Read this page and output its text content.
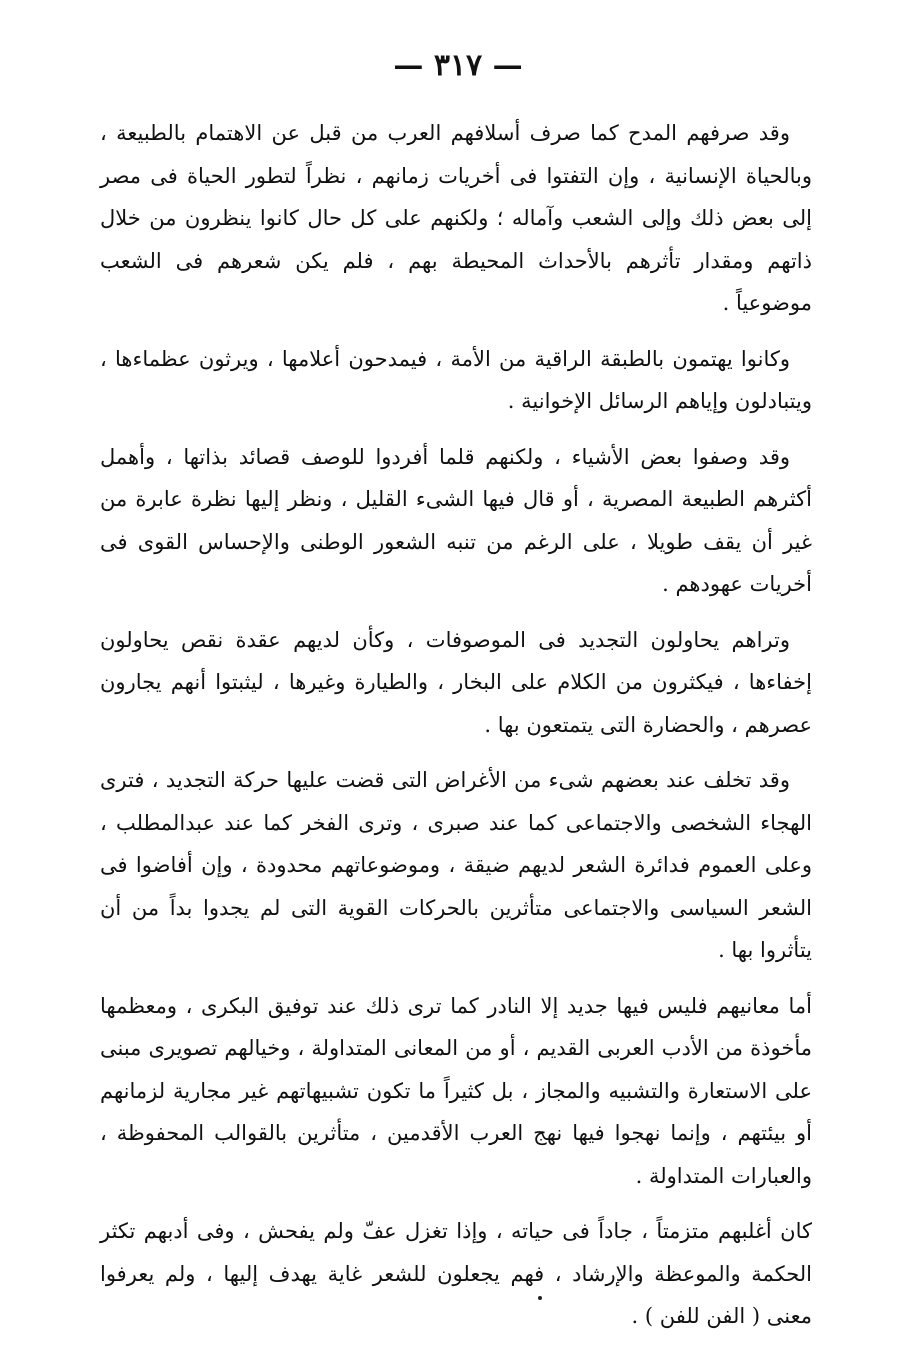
— ٣١٧ —

وقد صرفهم المدح كما صرف أسلافهم العرب من قبل عن الاهتمام بالطبيعة ، وبالحياة الإنسانية ، وإن التفتوا فى أخريات زمانهم ، نظراً لتطور الحياة فى مصر إلى بعض ذلك وإلى الشعب وآماله ؛ ولكنهم على كل حال كانوا ينظرون من خلال ذاتهم ومقدار تأثرهم بالأحداث المحيطة بهم ، فلم يكن شعرهم فى الشعب موضوعياً .

وكانوا يهتمون بالطبقة الراقية من الأمة ، فيمدحون أعلامها ، ويرثون عظماءها ، ويتبادلون وإياهم الرسائل الإخوانية .

وقد وصفوا بعض الأشياء ، ولكنهم قلما أفردوا للوصف قصائد بذاتها ، وأهمل أكثرهم الطبيعة المصرية ، أو قال فيها الشىء القليل ، ونظر إليها نظرة عابرة من غير أن يقف طويلا ، على الرغم من تنبه الشعور الوطنى والإحساس القوى فى أخريات عهودهم .

وتراهم يحاولون التجديد فى الموصوفات ، وكأن لديهم عقدة نقص يحاولون إخفاءها ، فيكثرون من الكلام على البخار ، والطيارة وغيرها ، ليثبتوا أنهم يجارون عصرهم ، والحضارة التى يتمتعون بها .

وقد تخلف عند بعضهم شىء من الأغراض التى قضت عليها حركة التجديد ، فترى الهجاء الشخصى والاجتماعى كما عند صبرى ، وترى الفخر كما عند عبدالمطلب ، وعلى العموم فدائرة الشعر لديهم ضيقة ، وموضوعاتهم محدودة ، وإن أفاضوا فى الشعر السياسى والاجتماعى متأثرين بالحركات القوية التى لم يجدوا بداً من أن يتأثروا بها .

أما معانيهم فليس فيها جديد إلا النادر كما ترى ذلك عند توفيق البكرى ، ومعظمها مأخوذة من الأدب العربى القديم ، أو من المعانى المتداولة ، وخيالهم تصويرى مبنى على الاستعارة والتشبيه والمجاز ، بل كثيراً ما تكون تشبيهاتهم غير مجارية لزمانهم أو بيئتهم ، وإنما نهجوا فيها نهج العرب الأقدمين ، متأثرين بالقوالب المحفوظة ، والعبارات المتداولة .

كان أغلبهم متزمتاً ، جاداً فى حياته ، وإذا تغزل عفّ ولم يفحش ، وفى أدبهم تكثر الحكمة والموعظة والإرشاد ، فهم يجعلون للشعر غاية يهدف إليها ، ولم يعرفوا معنى ( الفن للفن ) .
